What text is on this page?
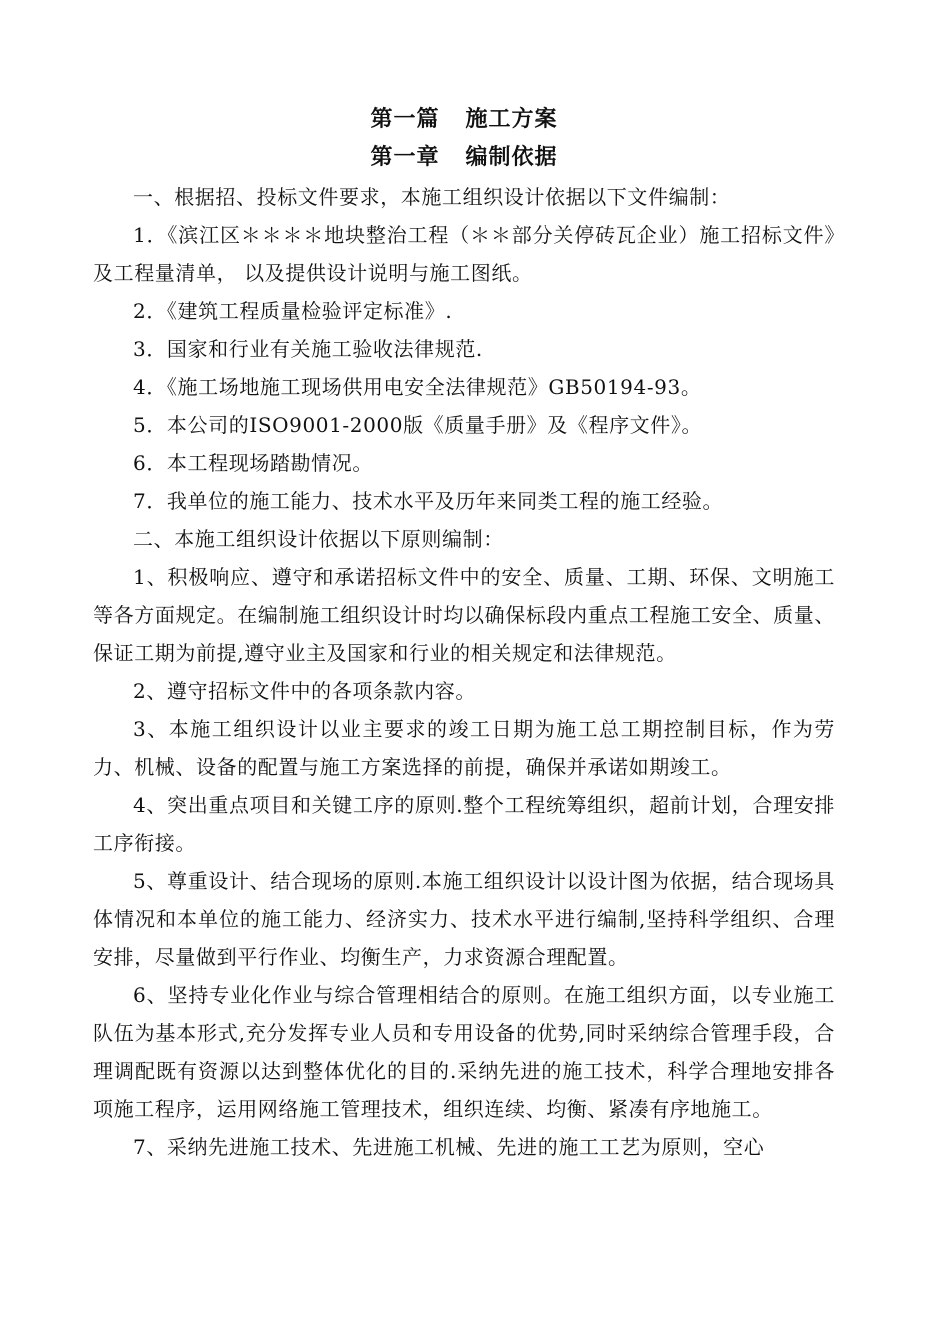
第一篇 施工方案
第一章 编制依据

一、根据招、投标文件要求，本施工组织设计依据以下文件编制：

1．《滨江区＊＊＊＊地块整治工程（＊＊部分关停砖瓦企业）施工招标文件》及工程量清单， 以及提供设计说明与施工图纸。

2．《建筑工程质量检验评定标准》.

3．国家和行业有关施工验收法律规范.

4．《施工场地施工现场供用电安全法律规范》GB50194-93。

5．本公司的ISO9001-2000版《质量手册》及《程序文件》。

6．本工程现场踏勘情况。

7．我单位的施工能力、技术水平及历年来同类工程的施工经验。

二、本施工组织设计依据以下原则编制：

1、积极响应、遵守和承诺招标文件中的安全、质量、工期、环保、文明施工等各方面规定。在编制施工组织设计时均以确保标段内重点工程施工安全、质量、保证工期为前提,遵守业主及国家和行业的相关规定和法律规范。

2、遵守招标文件中的各项条款内容。

3、本施工组织设计以业主要求的竣工日期为施工总工期控制目标，作为劳力、机械、设备的配置与施工方案选择的前提，确保并承诺如期竣工。

4、突出重点项目和关键工序的原则.整个工程统筹组织，超前计划，合理安排工序衔接。

5、尊重设计、结合现场的原则.本施工组织设计以设计图为依据，结合现场具体情况和本单位的施工能力、经济实力、技术水平进行编制,坚持科学组织、合理安排，尽量做到平行作业、均衡生产，力求资源合理配置。

6、坚持专业化作业与综合管理相结合的原则。在施工组织方面，以专业施工队伍为基本形式,充分发挥专业人员和专用设备的优势,同时采纳综合管理手段，合理调配既有资源以达到整体优化的目的.采纳先进的施工技术，科学合理地安排各项施工程序，运用网络施工管理技术，组织连续、均衡、紧凑有序地施工。

7、采纳先进施工技术、先进施工机械、先进的施工工艺为原则，空心
